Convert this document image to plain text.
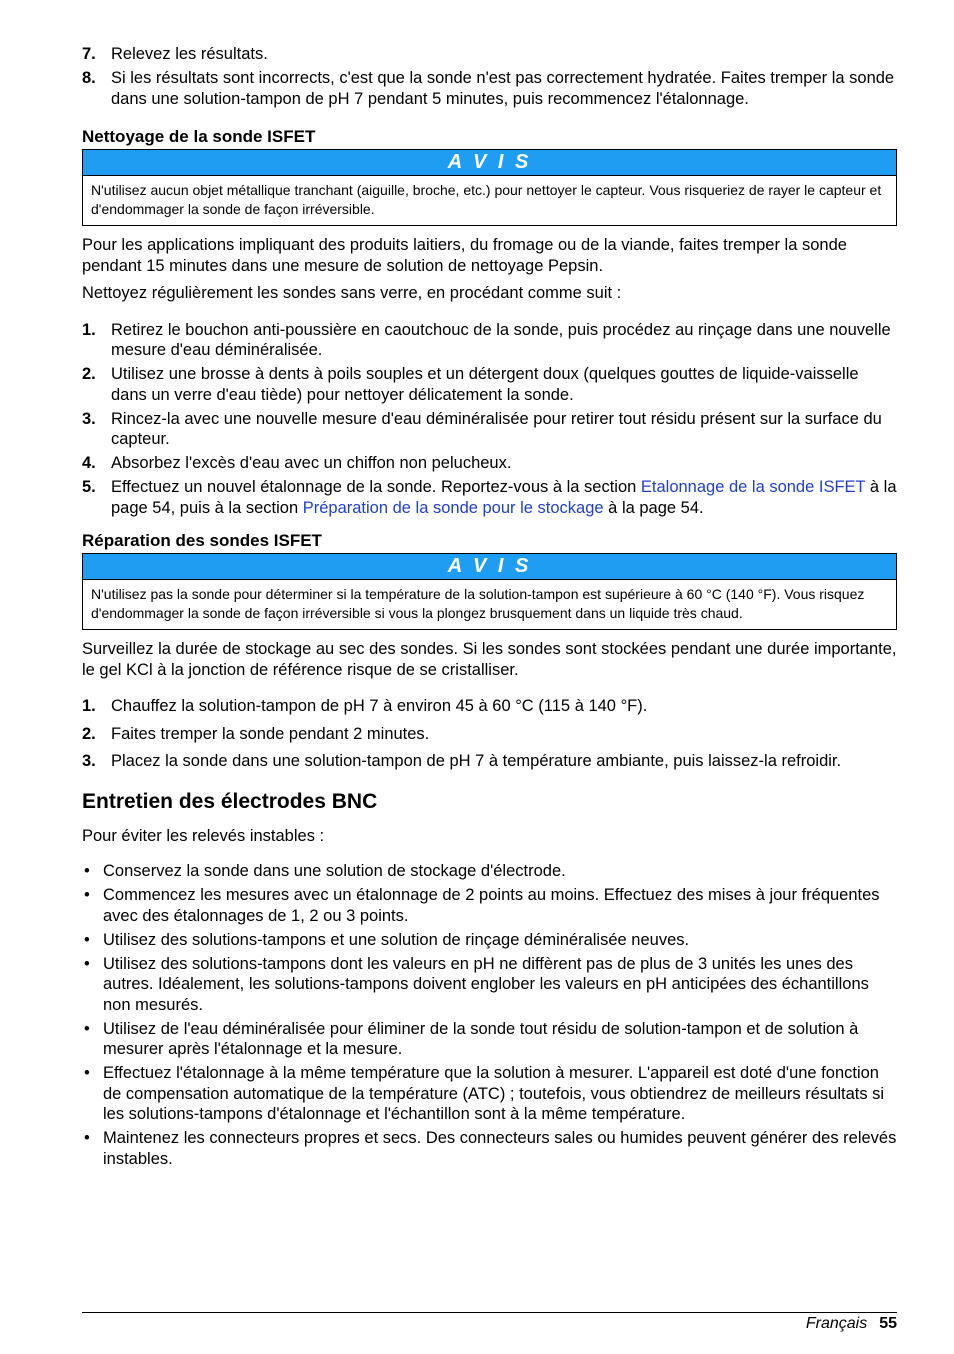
7. Relevez les résultats.
8. Si les résultats sont incorrects, c'est que la sonde n'est pas correctement hydratée. Faites tremper la sonde dans une solution-tampon de pH 7 pendant 5 minutes, puis recommencez l'étalonnage.
Nettoyage de la sonde ISFET
A V I S
N'utilisez aucun objet métallique tranchant (aiguille, broche, etc.) pour nettoyer le capteur. Vous risqueriez de rayer le capteur et d'endommager la sonde de façon irréversible.

Pour les applications impliquant des produits laitiers, du fromage ou de la viande, faites tremper la sonde pendant 15 minutes dans une mesure de solution de nettoyage Pepsin.

Nettoyez régulièrement les sondes sans verre, en procédant comme suit :

1. Retirez le bouchon anti-poussière en caoutchouc de la sonde, puis procédez au rinçage dans une nouvelle mesure d'eau déminéralisée.
2. Utilisez une brosse à dents à poils souples et un détergent doux (quelques gouttes de liquide-vaisselle dans un verre d'eau tiède) pour nettoyer délicatement la sonde.
3. Rincez-la avec une nouvelle mesure d'eau déminéralisée pour retirer tout résidu présent sur la surface du capteur.
4. Absorbez l'excès d'eau avec un chiffon non pelucheux.
5. Effectuez un nouvel étalonnage de la sonde. Reportez-vous à la section Etalonnage de la sonde ISFET à la page 54, puis à la section Préparation de la sonde pour le stockage à la page 54.
Réparation des sondes ISFET
A V I S
N'utilisez pas la sonde pour déterminer si la température de la solution-tampon est supérieure à 60 °C (140 °F). Vous risquez d'endommager la sonde de façon irréversible si vous la plongez brusquement dans un liquide très chaud.

Surveillez la durée de stockage au sec des sondes. Si les sondes sont stockées pendant une durée importante, le gel KCl à la jonction de référence risque de se cristalliser.

1. Chauffez la solution-tampon de pH 7 à environ 45 à 60 °C (115 à 140 °F).
2. Faites tremper la sonde pendant 2 minutes.
3. Placez la sonde dans une solution-tampon de pH 7 à température ambiante, puis laissez-la refroidir.
Entretien des électrodes BNC

Pour éviter les relevés instables :

• Conservez la sonde dans une solution de stockage d'électrode.
• Commencez les mesures avec un étalonnage de 2 points au moins. Effectuez des mises à jour fréquentes avec des étalonnages de 1, 2 ou 3 points.
• Utilisez des solutions-tampons et une solution de rinçage déminéralisée neuves.
• Utilisez des solutions-tampons dont les valeurs en pH ne diffèrent pas de plus de 3 unités les unes des autres. Idéalement, les solutions-tampons doivent englober les valeurs en pH anticipées des échantillons non mesurés.
• Utilisez de l'eau déminéralisée pour éliminer de la sonde tout résidu de solution-tampon et de solution à mesurer après l'étalonnage et la mesure.
• Effectuez l'étalonnage à la même température que la solution à mesurer. L'appareil est doté d'une fonction de compensation automatique de la température (ATC) ; toutefois, vous obtiendrez de meilleurs résultats si les solutions-tampons d'étalonnage et l'échantillon sont à la même température.
• Maintenez les connecteurs propres et secs. Des connecteurs sales ou humides peuvent générer des relevés instables.
Français 55
